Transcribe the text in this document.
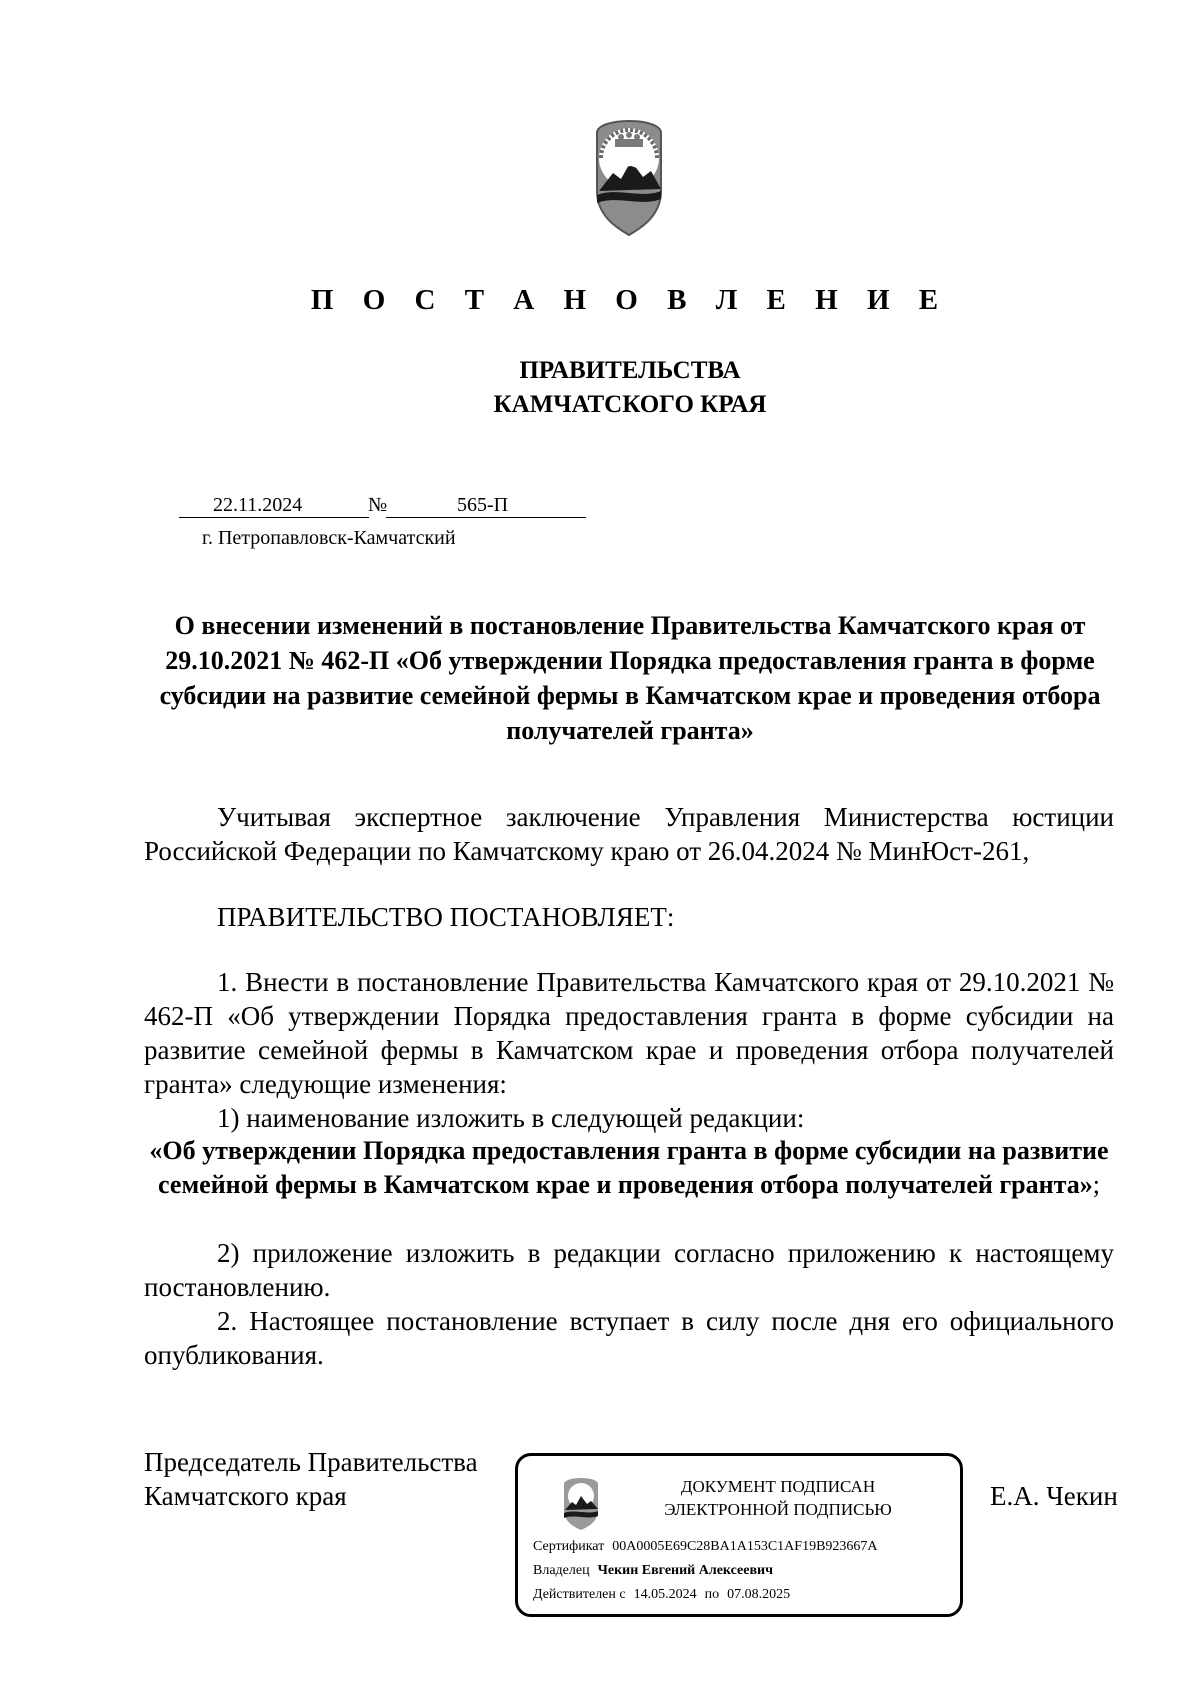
П О С Т А Н О В Л Е Н И Е
ПРАВИТЕЛЬСТВА
КАМЧАТСКОГО КРАЯ
22.11.2024	№	565-П
г. Петропавловск-Камчатский
О внесении изменений в постановление Правительства Камчатского края от 29.10.2021 № 462-П «Об утверждении Порядка предоставления гранта в форме субсидии на развитие семейной фермы в Камчатском крае и проведения отбора получателей гранта»

Учитывая экспертное заключение Управления Министерства юстиции Российской Федерации по Камчатскому краю от 26.04.2024 № МинЮст-261,

ПРАВИТЕЛЬСТВО ПОСТАНОВЛЯЕТ:

1. Внести в постановление Правительства Камчатского края от 29.10.2021 № 462-П «Об утверждении Порядка предоставления гранта в форме субсидии на развитие семейной фермы в Камчатском крае и проведения отбора получателей гранта» следующие изменения:

1) наименование изложить в следующей редакции:

«Об утверждении Порядка предоставления гранта в форме субсидии на развитие семейной фермы в Камчатском крае и проведения отбора получателей гранта»;

2) приложение изложить в редакции согласно приложению к настоящему постановлению.

2. Настоящее постановление вступает в силу после дня его официального опубликования.

Председатель Правительства
Камчатского края	ДОКУМЕНТ ПОДПИСАН
ЭЛЕКТРОННОЙ ПОДПИСЬЮ
Сертификат 00A0005E69C28BA1A153C1AF19B923667A
Владелец Чекин Евгений Алексеевич
Действителен с 14.05.2024 по 07.08.2025
Е.А. Чекин
